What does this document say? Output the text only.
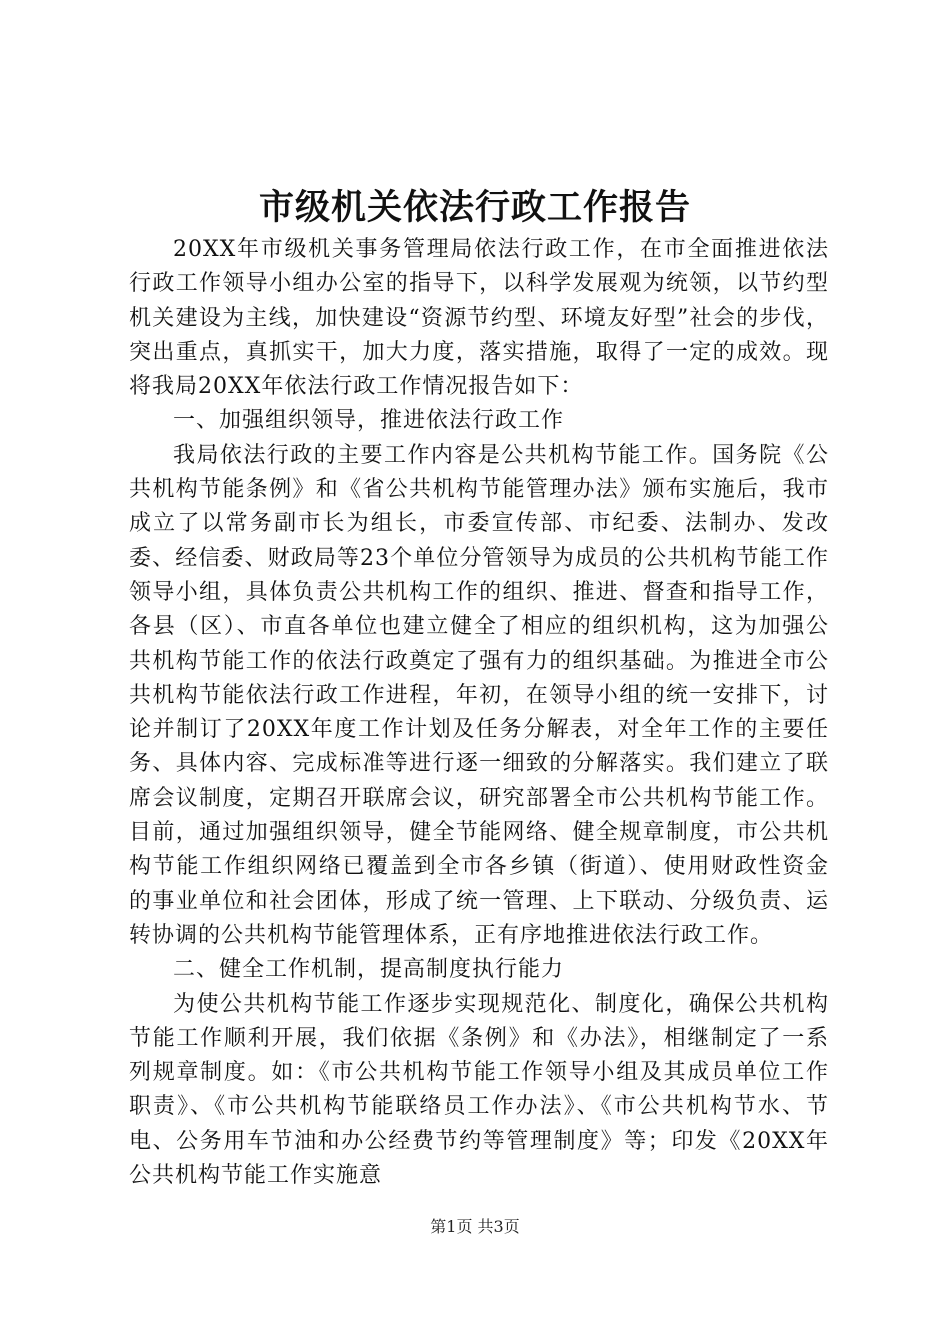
市级机关依法行政工作报告

20XX年市级机关事务管理局依法行政工作，在市全面推进依法行政工作领导小组办公室的指导下，以科学发展观为统领，以节约型机关建设为主线，加快建设“资源节约型、环境友好型”社会的步伐，突出重点，真抓实干，加大力度，落实措施，取得了一定的成效。现将我局20XX年依法行政工作情况报告如下：

一、加强组织领导，推进依法行政工作

我局依法行政的主要工作内容是公共机构节能工作。国务院《公共机构节能条例》和《省公共机构节能管理办法》颁布实施后，我市成立了以常务副市长为组长，市委宣传部、市纪委、法制办、发改委、经信委、财政局等23个单位分管领导为成员的公共机构节能工作领导小组，具体负责公共机构工作的组织、推进、督查和指导工作，各县（区）、市直各单位也建立健全了相应的组织机构，这为加强公共机构节能工作的依法行政奠定了强有力的组织基础。为推进全市公共机构节能依法行政工作进程，年初，在领导小组的统一安排下，讨论并制订了20XX年度工作计划及任务分解表，对全年工作的主要任务、具体内容、完成标准等进行逐一细致的分解落实。我们建立了联席会议制度，定期召开联席会议，研究部署全市公共机构节能工作。目前，通过加强组织领导，健全节能网络、健全规章制度，市公共机构节能工作组织网络已覆盖到全市各乡镇（街道）、使用财政性资金的事业单位和社会团体，形成了统一管理、上下联动、分级负责、运转协调的公共机构节能管理体系，正有序地推进依法行政工作。

二、健全工作机制，提高制度执行能力

为使公共机构节能工作逐步实现规范化、制度化，确保公共机构节能工作顺利开展，我们依据《条例》和《办法》，相继制定了一系列规章制度。如：《市公共机构节能工作领导小组及其成员单位工作职责》、《市公共机构节能联络员工作办法》、《市公共机构节水、节电、公务用车节油和办公经费节约等管理制度》等；印发《20XX年公共机构节能工作实施意

第1页 共3页
